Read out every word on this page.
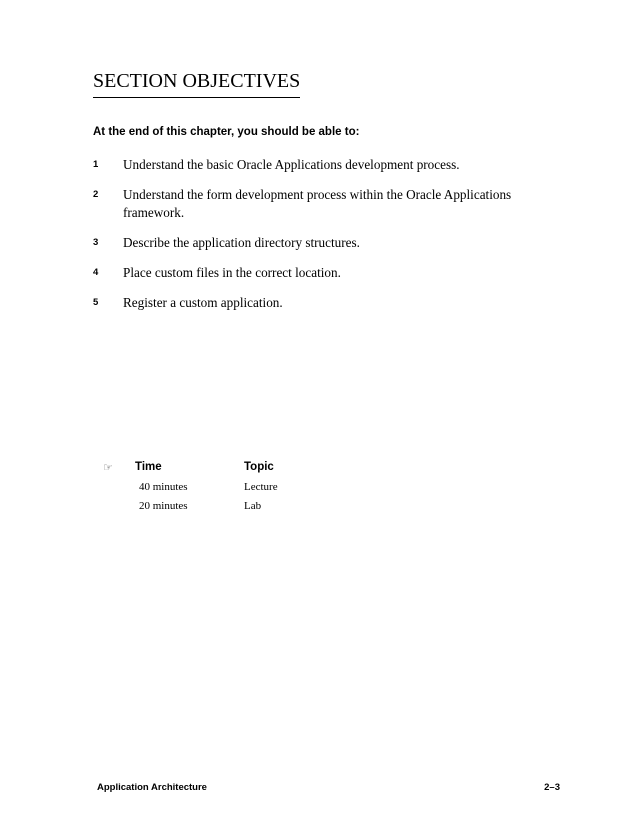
SECTION OBJECTIVES
At the end of this chapter, you should be able to:
1 Understand the basic Oracle Applications development process.
2 Understand the form development process within the Oracle Applications framework.
3 Describe the application directory structures.
4 Place custom files in the correct location.
5 Register a custom application.
☞ Time	Topic
40 minutes	Lecture
20 minutes	Lab
Application Architecture	2–3
